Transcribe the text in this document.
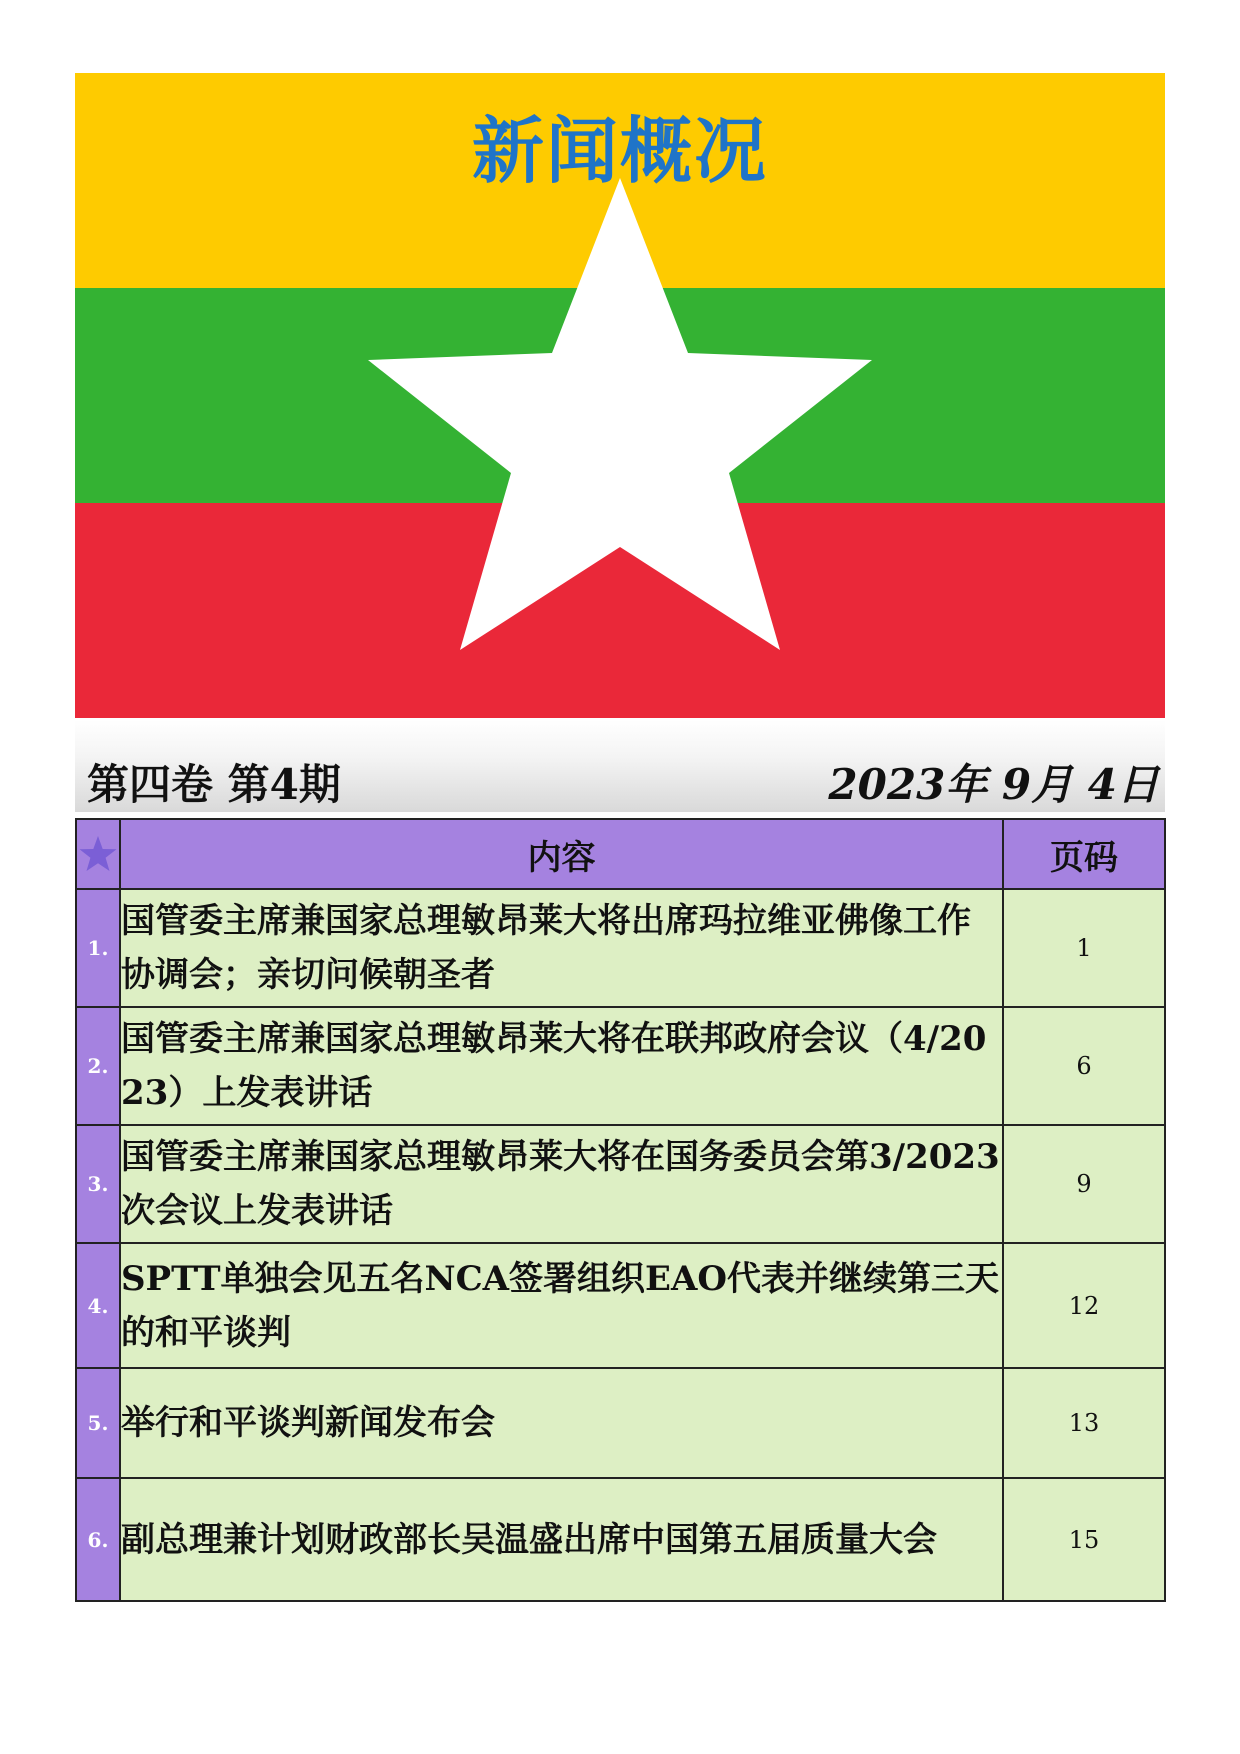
新闻概况
第四卷 第4期	2023年 9月 4日
	内容	页码
1.	国管委主席兼国家总理敏昂莱大将出席玛拉维亚佛像工作协调会；亲切问候朝圣者	1
2.	国管委主席兼国家总理敏昂莱大将在联邦政府会议（4/2023）上发表讲话	6
3.	国管委主席兼国家总理敏昂莱大将在国务委员会第3/2023次会议上发表讲话	9
4.	SPTT单独会见五名NCA签署组织EAO代表并继续第三天的和平谈判	12
5.	举行和平谈判新闻发布会	13
6.	副总理兼计划财政部长吴温盛出席中国第五届质量大会	15
